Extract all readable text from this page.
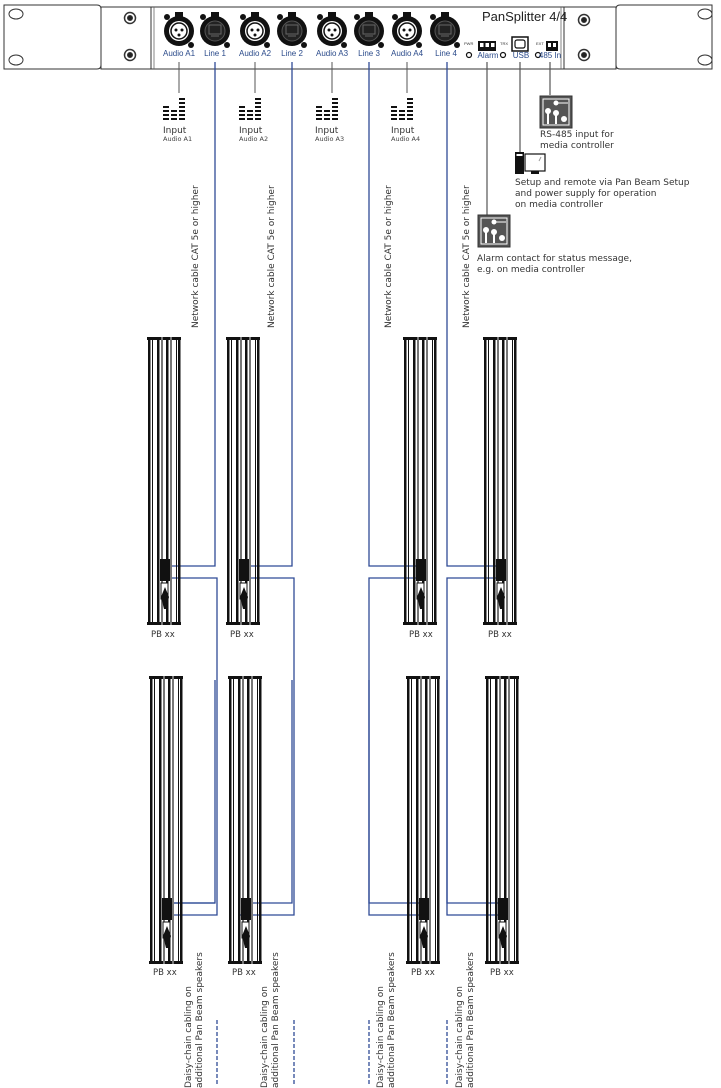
PWR	TRX	EXT
PanSplitter 4/4
Audio A1	Line 1	Audio A2	Line 2	Audio A3	Line 3	Audio A4	Line 4	Alarm	USB	485 In
Input
Audio A1
Input
Audio A2
Input
Audio A3
Input
Audio A4	RS-485 input for
media controller
Setup and remote via Pan Beam Setup
and power supply for operation
on media controller
Alarm contact for status message,
e.g. on media controller
Network cable CAT 5e or higher	Network cable CAT 5e or higher	Network cable CAT 5e or higher	Network cable CAT 5e or higher
PB xx	PB xx	PB xx	PB xx
PB xx	PB xx	PB xx	PB xx
Daisy-chain cabling on additional Pan Beam speakers	Daisy-chain cabling on additional Pan Beam speakers	Daisy-chain cabling on additional Pan Beam speakers	Daisy-chain cabling on additional Pan Beam speakers
